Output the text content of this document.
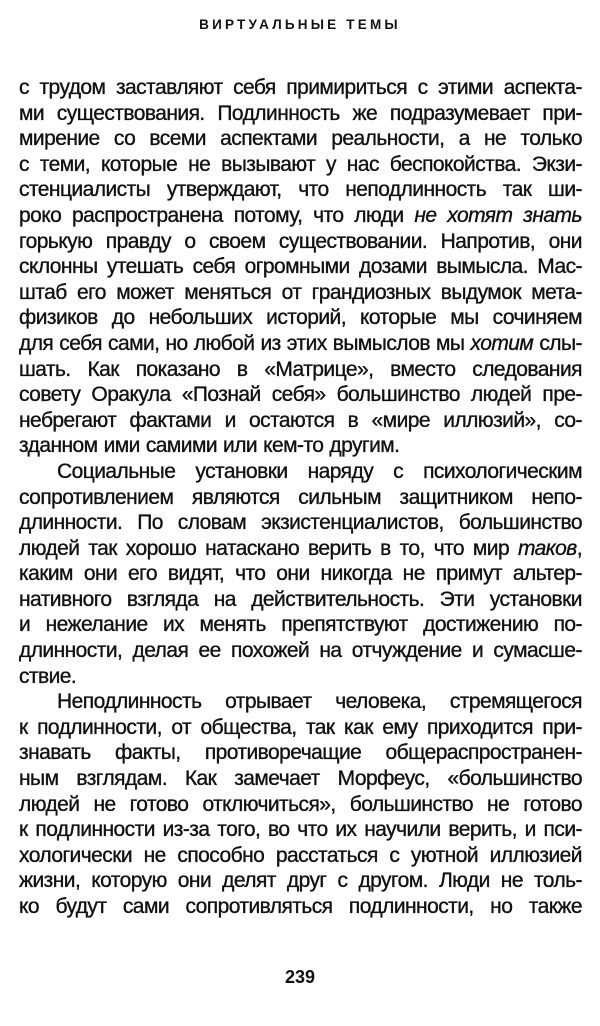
ВИРТУАЛЬНЫЕ ТЕМЫ
с трудом заставляют себя примириться с этими аспекта-
ми существования. Подлинность же подразумевает при-
мирение со всеми аспектами реальности, а не только
с теми, которые не вызывают у нас беспокойства. Экзи-
стенциалисты утверждают, что неподлинность так ши-
роко распространена потому, что люди не хотят знать
горькую правду о своем существовании. Напротив, они
склонны утешать себя огромными дозами вымысла. Мас-
штаб его может меняться от грандиозных выдумок мета-
физиков до небольших историй, которые мы сочиняем
для себя сами, но любой из этих вымыслов мы хотим слы-
шать. Как показано в «Матрице», вместо следования
совету Оракула «Познай себя» большинство людей пре-
небрегают фактами и остаются в «мире иллюзий», со-
зданном ими самими или кем-то другим.
Социальные установки наряду с психологическим
сопротивлением являются сильным защитником непо-
длинности. По словам экзистенциалистов, большинство
людей так хорошо натаскано верить в то, что мир таков,
каким они его видят, что они никогда не примут альтер-
нативного взгляда на действительность. Эти установки
и нежелание их менять препятствуют достижению по-
длинности, делая ее похожей на отчуждение и сумасше-
ствие.
Неподлинность отрывает человека, стремящегося
к подлинности, от общества, так как ему приходится при-
знавать факты, противоречащие общераспространен-
ным взглядам. Как замечает Морфеус, «большинство
людей не готово отключиться», большинство не готово
к подлинности из-за того, во что их научили верить, и пси-
хологически не способно расстаться с уютной иллюзией
жизни, которую они делят друг с другом. Люди не толь-
ко будут сами сопротивляться подлинности, но также
239
